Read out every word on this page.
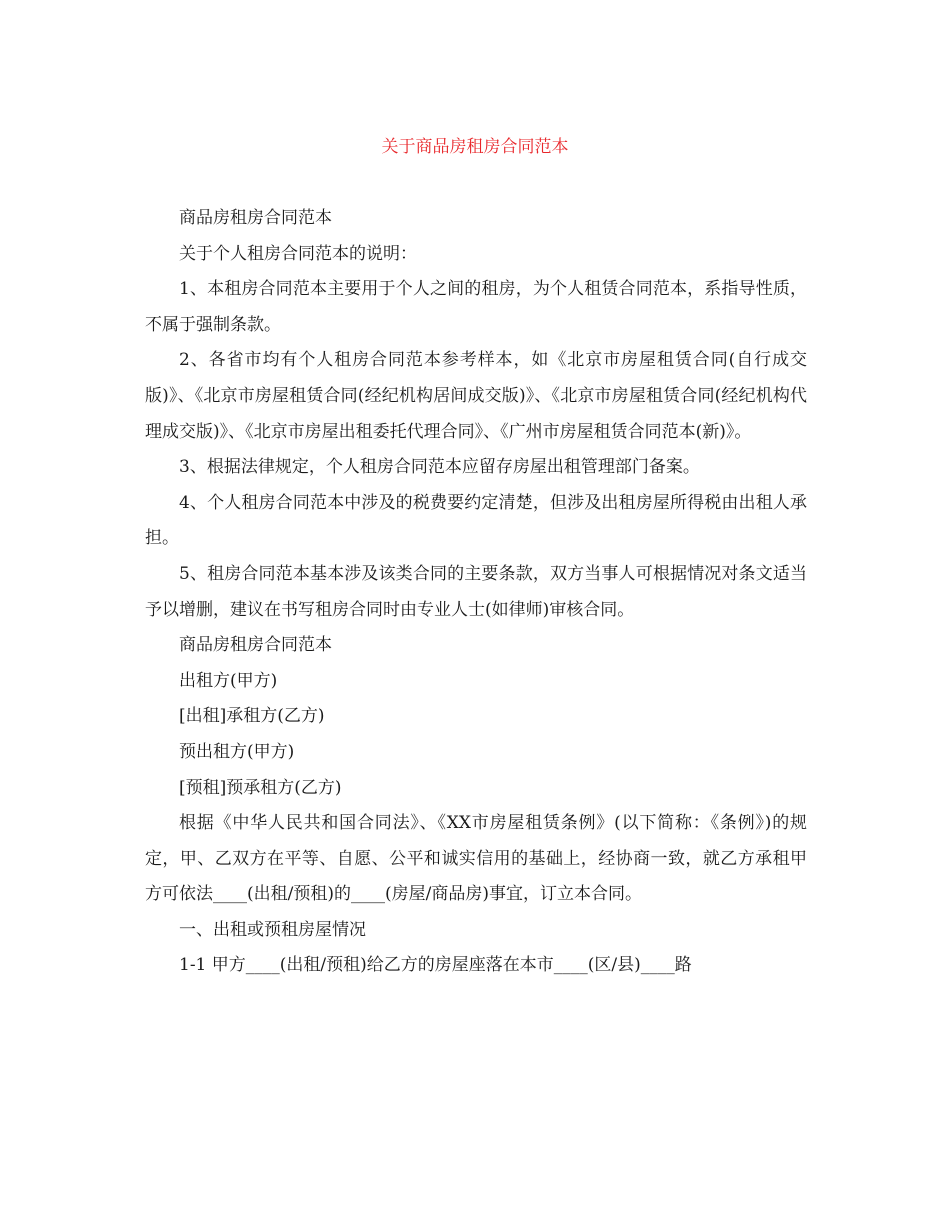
关于商品房租房合同范本

商品房租房合同范本

关于个人租房合同范本的说明：

1、本租房合同范本主要用于个人之间的租房，为个人租赁合同范本，系指导性质，不属于强制条款。

2、各省市均有个人租房合同范本参考样本，如《北京市房屋租赁合同(自行成交版)》、《北京市房屋租赁合同(经纪机构居间成交版)》、《北京市房屋租赁合同(经纪机构代理成交版)》、《北京市房屋出租委托代理合同》、《广州市房屋租赁合同范本(新)》。

3、根据法律规定，个人租房合同范本应留存房屋出租管理部门备案。

4、个人租房合同范本中涉及的税费要约定清楚，但涉及出租房屋所得税由出租人承担。

5、租房合同范本基本涉及该类合同的主要条款，双方当事人可根据情况对条文适当予以增删，建议在书写租房合同时由专业人士(如律师)审核合同。

商品房租房合同范本

出租方(甲方)

[出租]承租方(乙方)

预出租方(甲方)

[预租]预承租方(乙方)

根据《中华人民共和国合同法》、《XX市房屋租赁条例》(以下简称：《条例》)的规定，甲、乙双方在平等、自愿、公平和诚实信用的基础上，经协商一致，就乙方承租甲方可依法____(出租/预租)的____(房屋/商品房)事宜，订立本合同。

一、出租或预租房屋情况

1-1 甲方____(出租/预租)给乙方的房屋座落在本市____(区/县)____路
